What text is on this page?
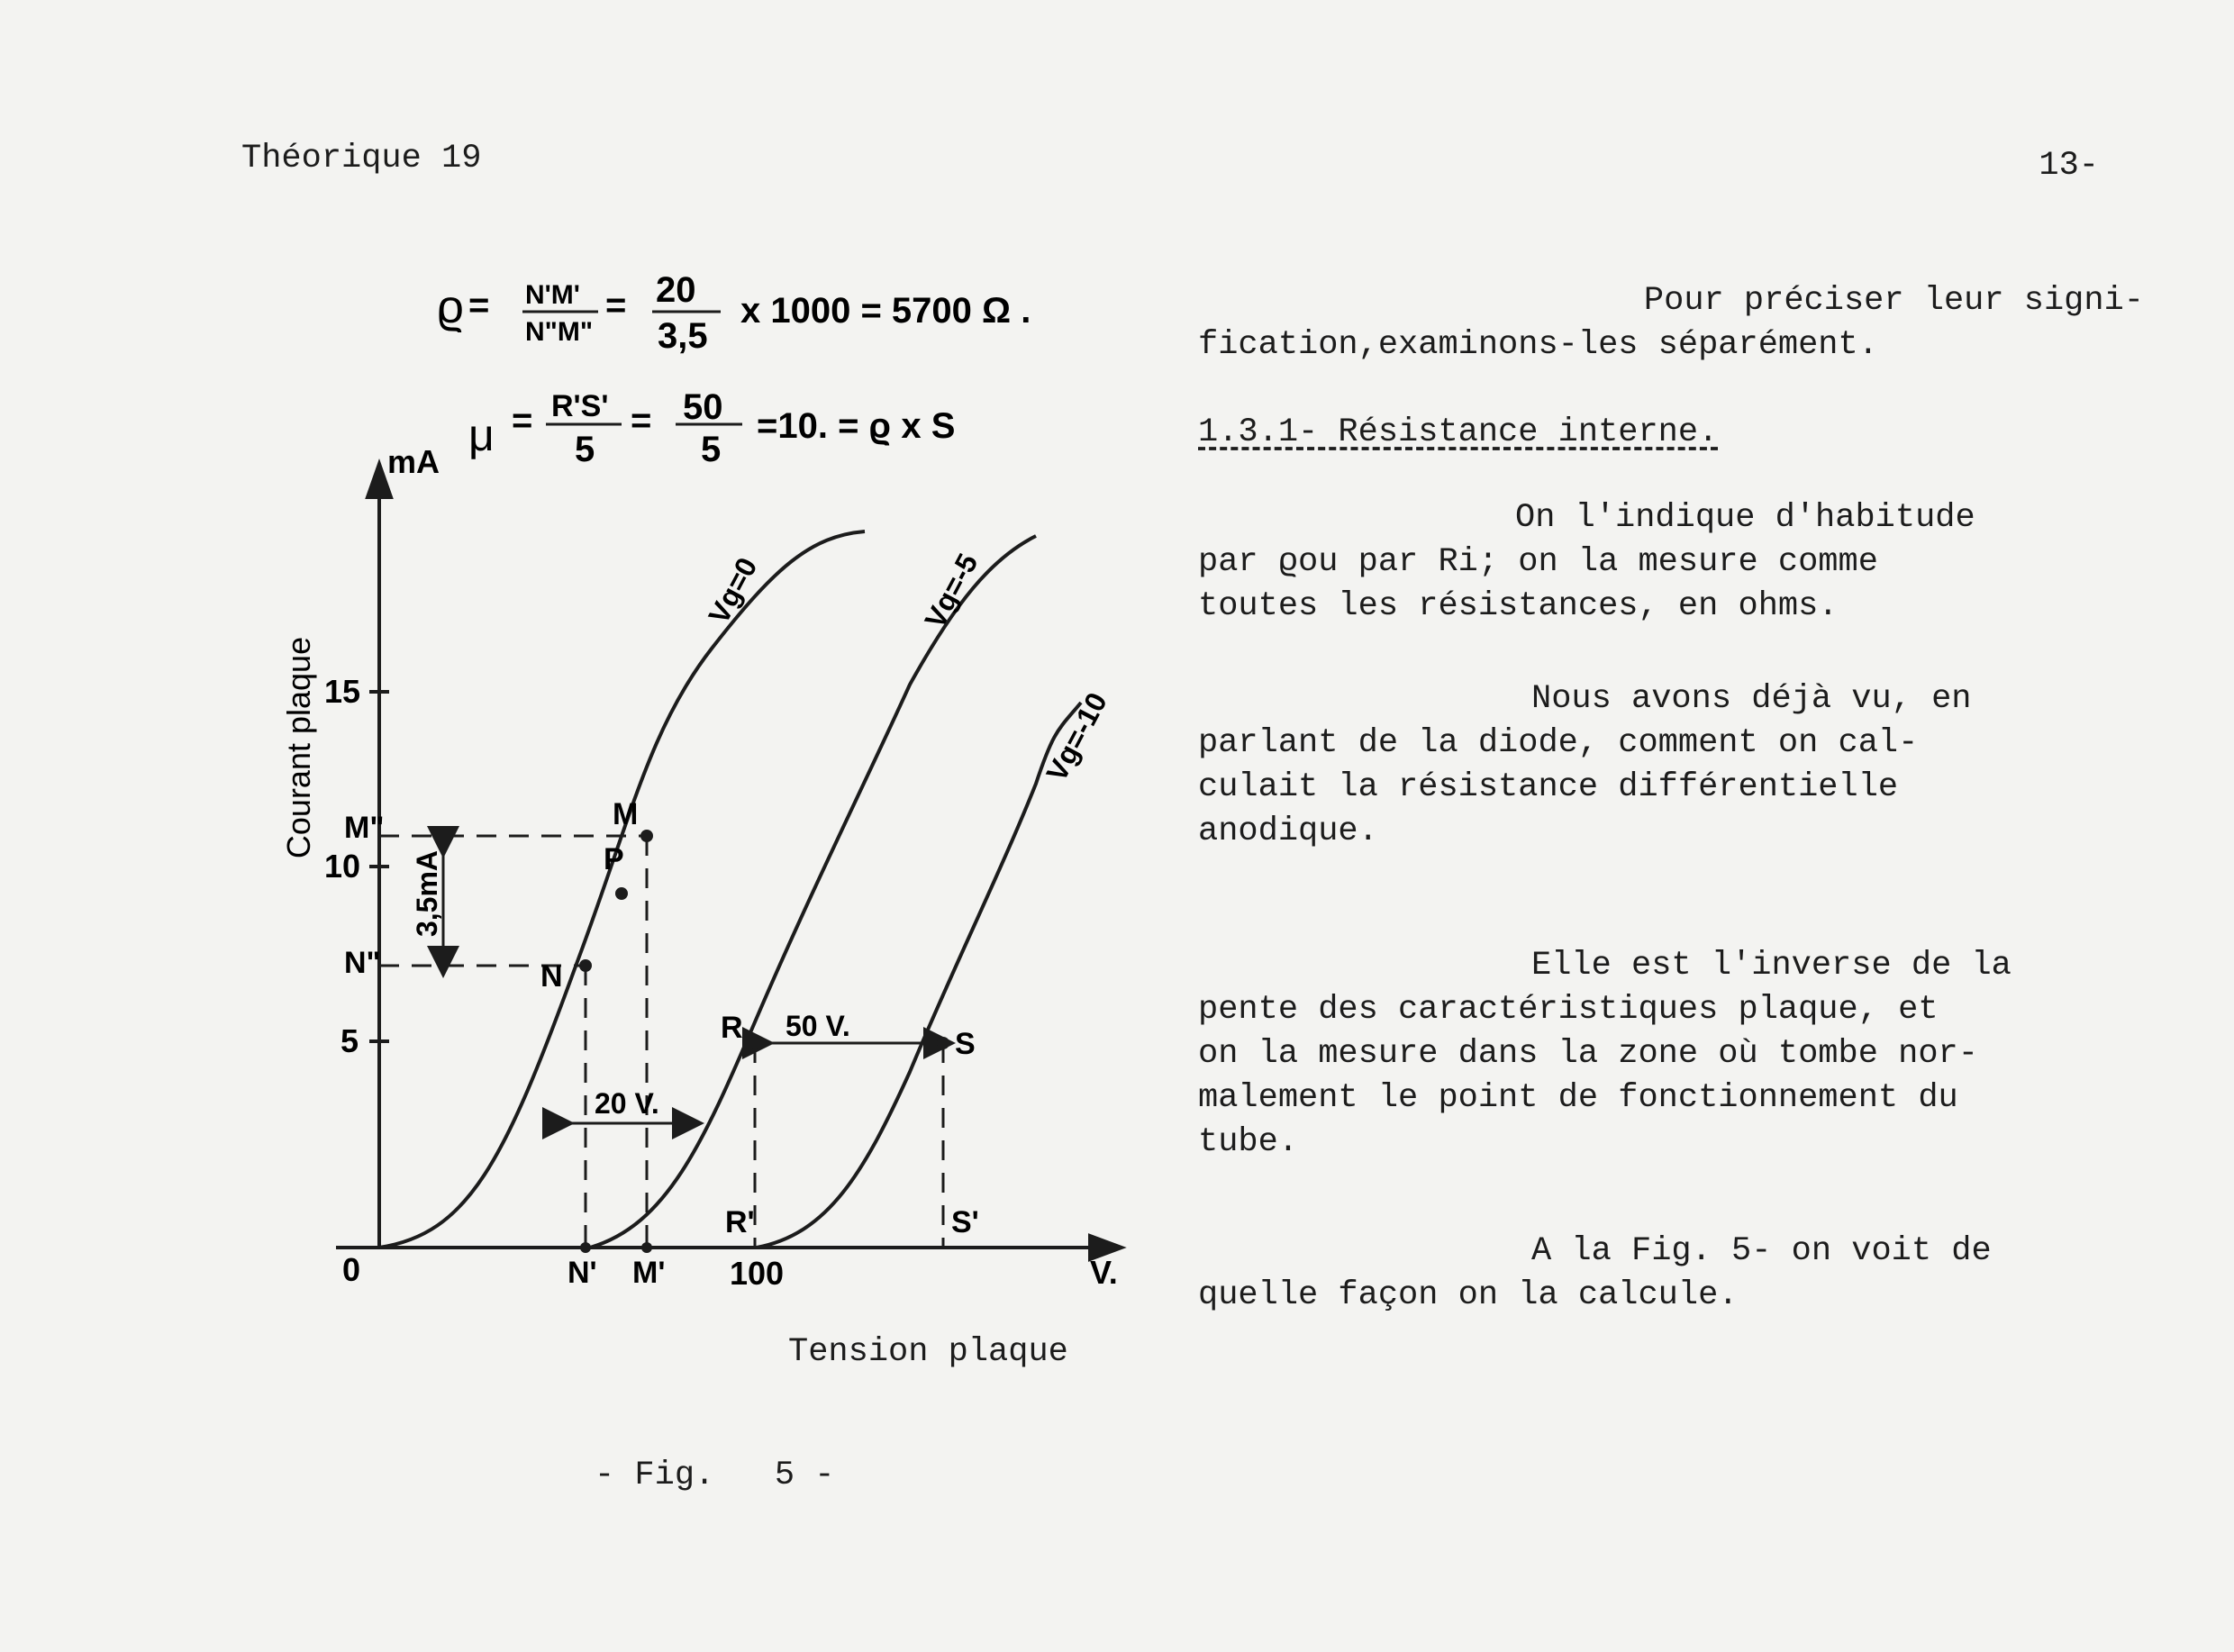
Théorique 19	13-
ϱ = N'M'
N"M"
= 20
3,5
x 1000 = 5700 Ω .
μ = R'S'
5
= 50
5
=10. = ϱ x S
Courant plaque
mA
V.
15
10
5
0
Vg=0	Vg=-5
Vg=-10
3,5mA
20 V.
50 V.
M
P
N
R	S
R'	S'
M"
N"
N' M' 100
Tension plaque
- Fig.   5 -

Pour préciser leur signi-
fication,examinons-les séparément.

1.3.1- Résistance interne.

On l'indique d'habitude
par ϱou par Ri; on la mesure comme
toutes les résistances, en ohms.

Nous avons déjà vu, en
parlant de la diode, comment on cal-
culait la résistance différentielle
anodique.

Elle est l'inverse de la
pente des caractéristiques plaque, et
on la mesure dans la zone où tombe nor-
malement le point de fonctionnement du
tube.

A la Fig. 5- on voit de
quelle façon on la calcule.
